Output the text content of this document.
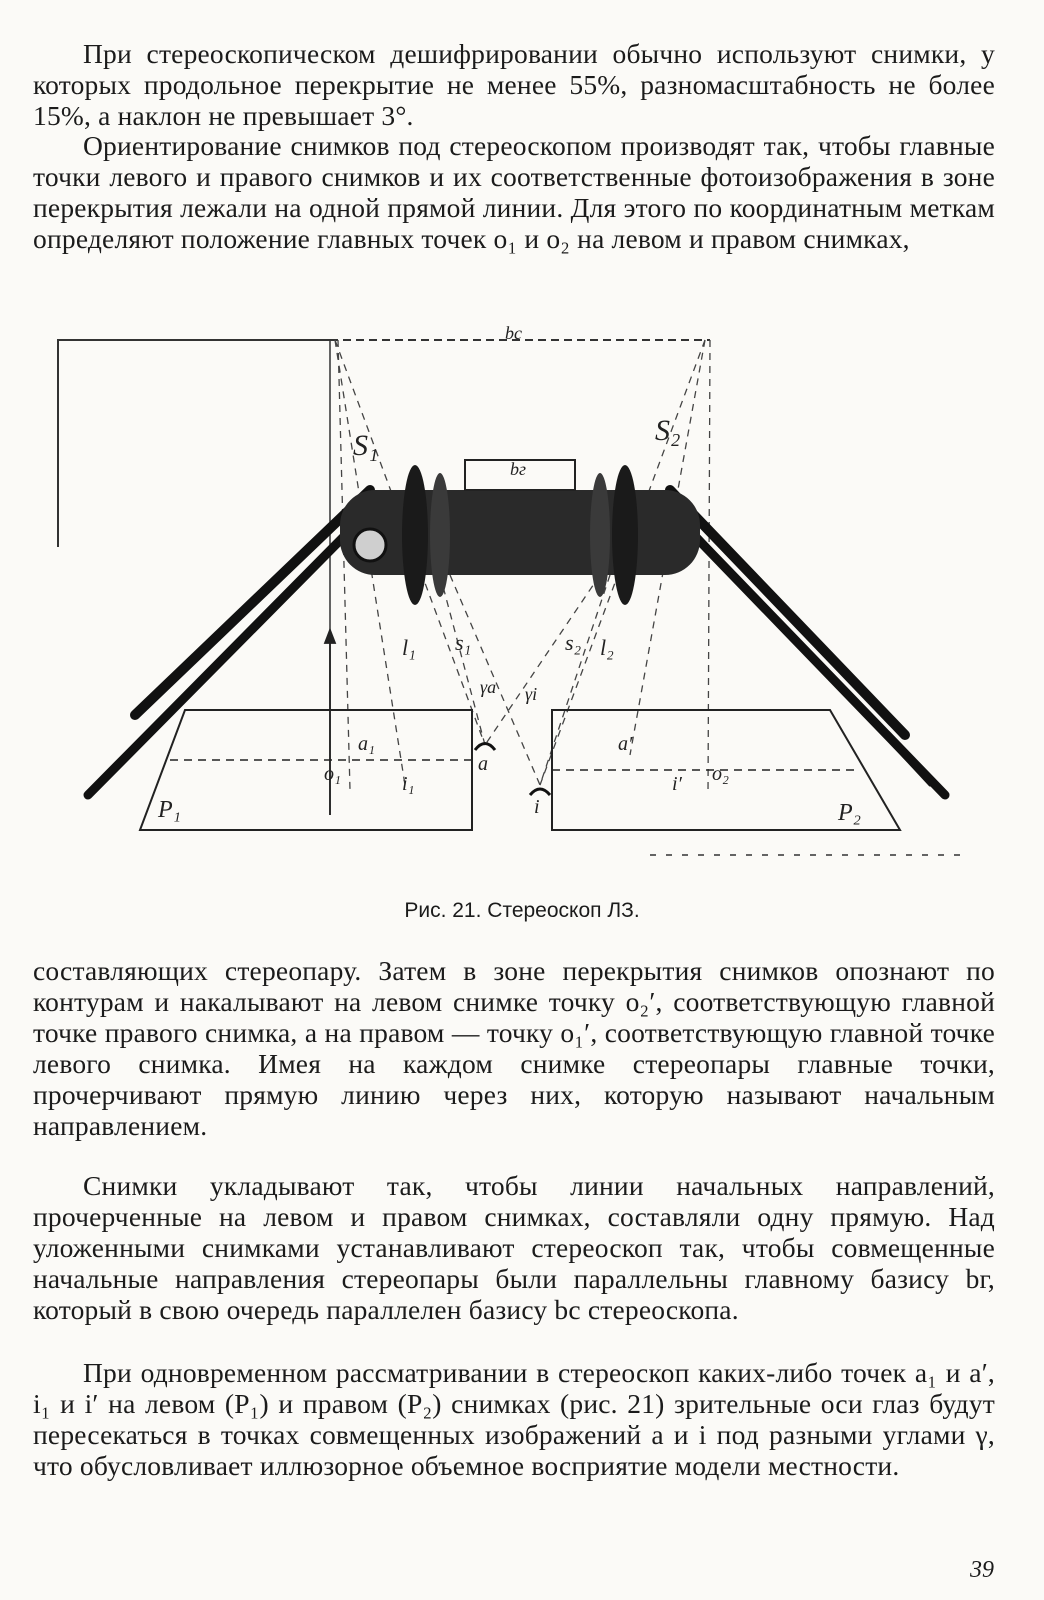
При стереоскопическом дешифрировании обычно используют снимки, у которых продольное перекрытие не менее 55%, разномасштабность не более 15%, а наклон не превышает 3°.

Ориентирование снимков под стереоскопом производят так, чтобы главные точки левого и правого снимков и их соответственные фотоизображения в зоне перекрытия лежали на одной прямой линии. Для этого по координатным меткам определяют положение главных точек o₁ и o₂ на левом и правом снимках,

bс
bг
S₁	S₂
l₁ s₁	s₂ l₂
γa γi
a₁
a
a′
i₁
i
i′
o₁	o₂
P₁	P₂
Рис. 21. Стереоскоп ЛЗ.

составляющих стереопару. Затем в зоне перекрытия снимков опознают по контурам и накалывают на левом снимке точку o₂′, соответствующую главной точке правого снимка, а на правом — точку o₁′, соответствующую главной точке левого снимка. Имея на каждом снимке стереопары главные точки, прочерчивают прямую линию через них, которую называют начальным направлением.

Снимки укладывают так, чтобы линии начальных направлений, прочерченные на левом и правом снимках, составляли одну прямую. Над уложенными снимками устанавливают стереоскоп так, чтобы совмещенные начальные направления стереопары были параллельны главному базису bг, который в свою очередь параллелен базису bс стереоскопа.

При одновременном рассматривании в стереоскоп каких-либо точек a₁ и a′, i₁ и i′ на левом (P₁) и правом (P₂) снимках (рис. 21) зрительные оси глаз будут пересекаться в точках совмещенных изображений a и i под разными углами γ, что обусловливает иллюзорное объемное восприятие модели местности.

39
